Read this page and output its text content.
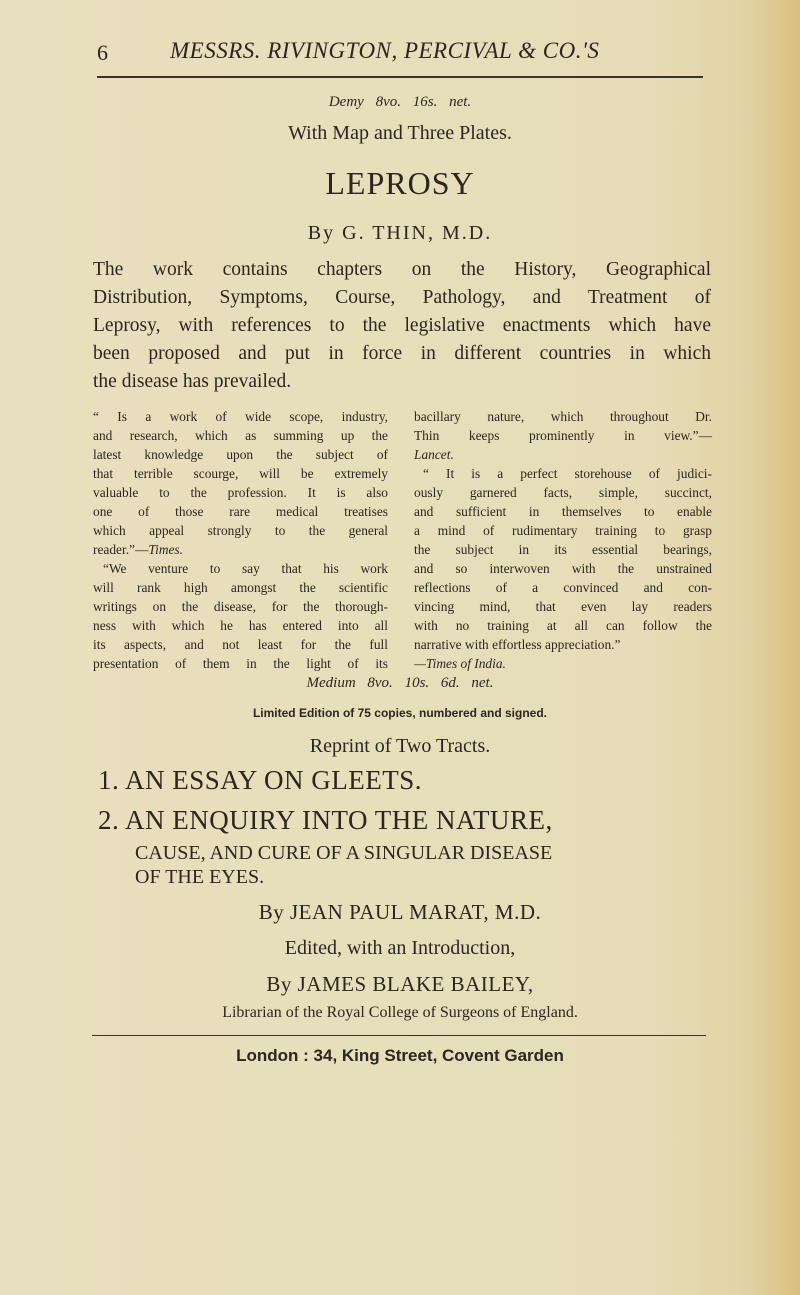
6	MESSRS. RIVINGTON, PERCIVAL & CO.'S
Demy 8vo. 16s. net.
With Map and Three Plates.
LEPROSY
By G. THIN, M.D.
The work contains chapters on the History, Geographical
Distribution, Symptoms, Course, Pathology, and Treatment of
Leprosy, with references to the legislative enactments which have
been proposed and put in force in different countries in which
the disease has prevailed.
“ Is a work of wide scope, industry,
and research, which as summing up the
latest knowledge upon the subject of
that terrible scourge, will be extremely
valuable to the profession. It is also
one of those rare medical treatises
which appeal strongly to the general
reader.”—Times.
“We venture to say that his work
will rank high amongst the scientific
writings on the disease, for the thorough-
ness with which he has entered into all
its aspects, and not least for the full
presentation of them in the light of its
bacillary nature, which throughout Dr.
Thin keeps prominently in view.”—
Lancet.
“ It is a perfect storehouse of judici-
ously garnered facts, simple, succinct,
and sufficient in themselves to enable
a mind of rudimentary training to grasp
the subject in its essential bearings,
and so interwoven with the unstrained
reflections of a convinced and con-
vincing mind, that even lay readers
with no training at all can follow the
narrative with effortless appreciation.”
—Times of India.
Medium 8vo. 10s. 6d. net.
Limited Edition of 75 copies, numbered and signed.
Reprint of Two Tracts.
1. AN ESSAY ON GLEETS.
2. AN ENQUIRY INTO THE NATURE,
CAUSE, AND CURE OF A SINGULAR DISEASE
OF THE EYES.
By JEAN PAUL MARAT, M.D.
Edited, with an Introduction,
By JAMES BLAKE BAILEY,
Librarian of the Royal College of Surgeons of England.
London : 34, King Street, Covent Garden
